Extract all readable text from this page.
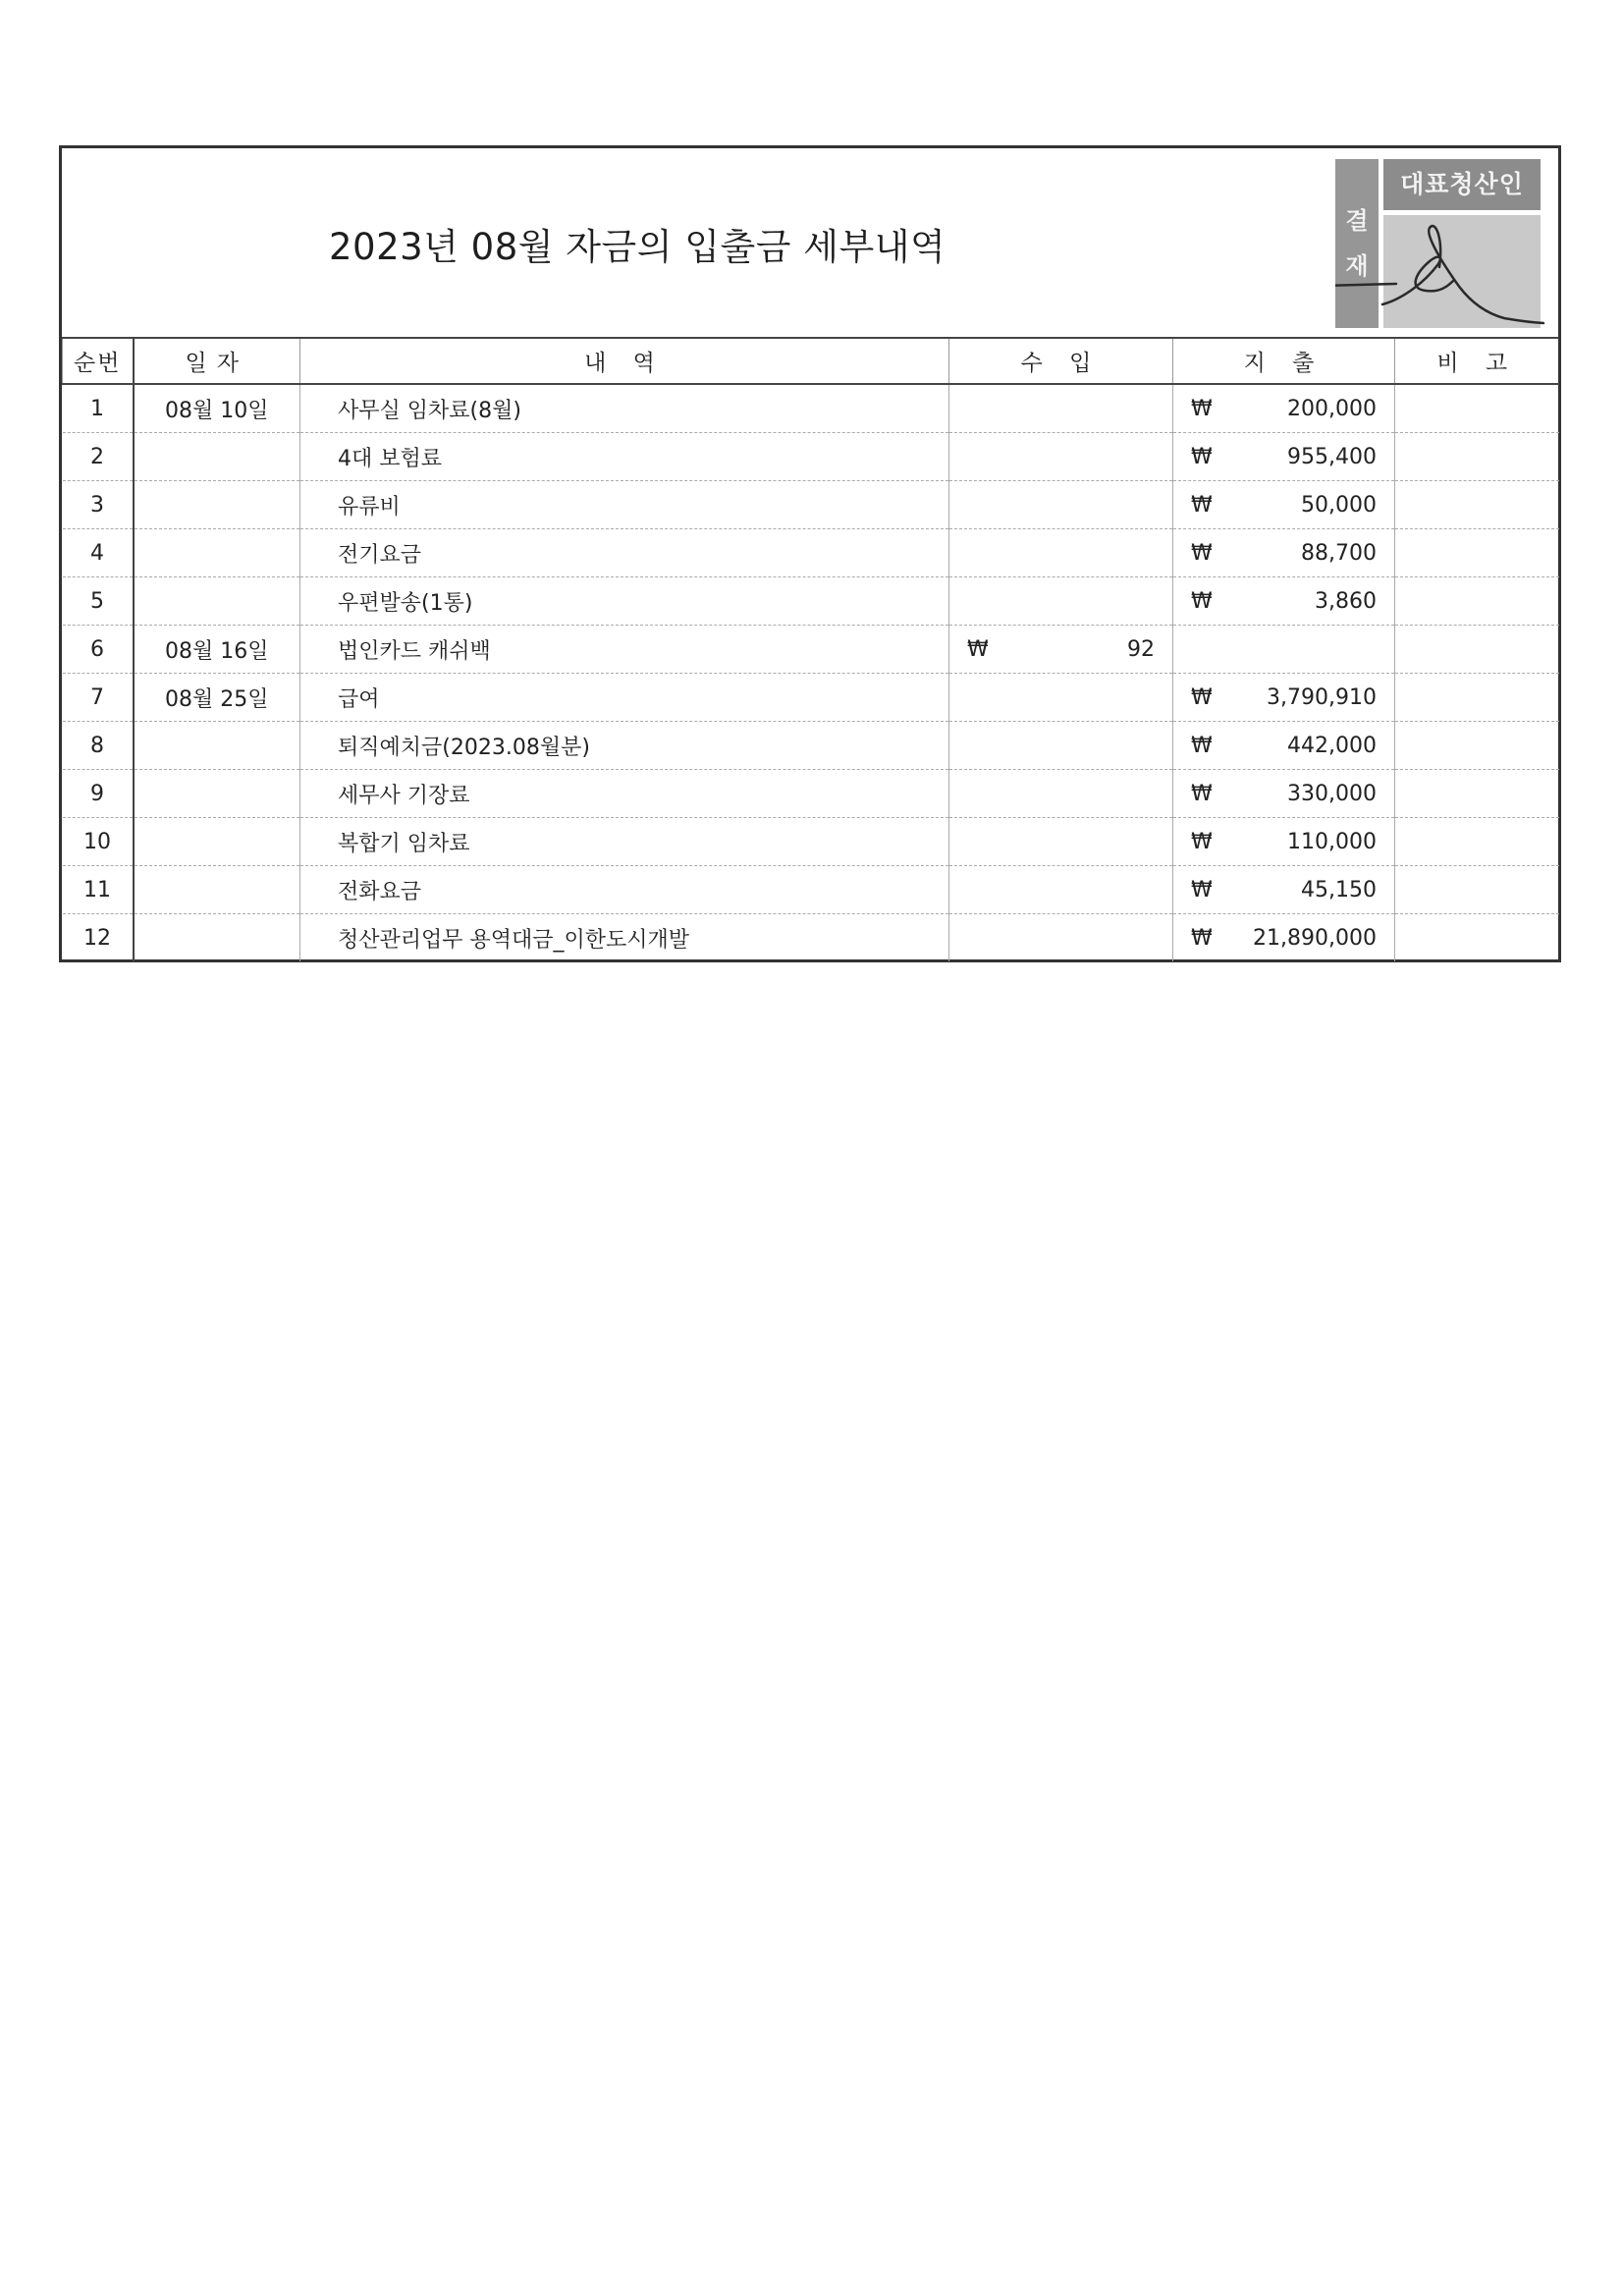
2023년 08월 자금의 입출금 세부내역
결
재
대표청산인
순번	일자	내 역	수 입	지 출	비 고
1	08월 10일	사무실 임차료(8월)		₩ 200,000	

2		4대 보험료		₩ 955,400	

3		유류비		₩ 50,000	

4		전기요금		₩ 88,700	

5		우편발송(1통)		₩ 3,860	

6	08월 16일	법인카드 캐쉬백	₩ 92		

7	08월 25일	급여		₩ 3,790,910	

8		퇴직예치금(2023.08월분)		₩ 442,000	

9		세무사 기장료		₩ 330,000	

10		복합기 임차료		₩ 110,000	

11		전화요금		₩ 45,150	

12		청산관리업무 용역대금_이한도시개발		₩ 21,890,000	
